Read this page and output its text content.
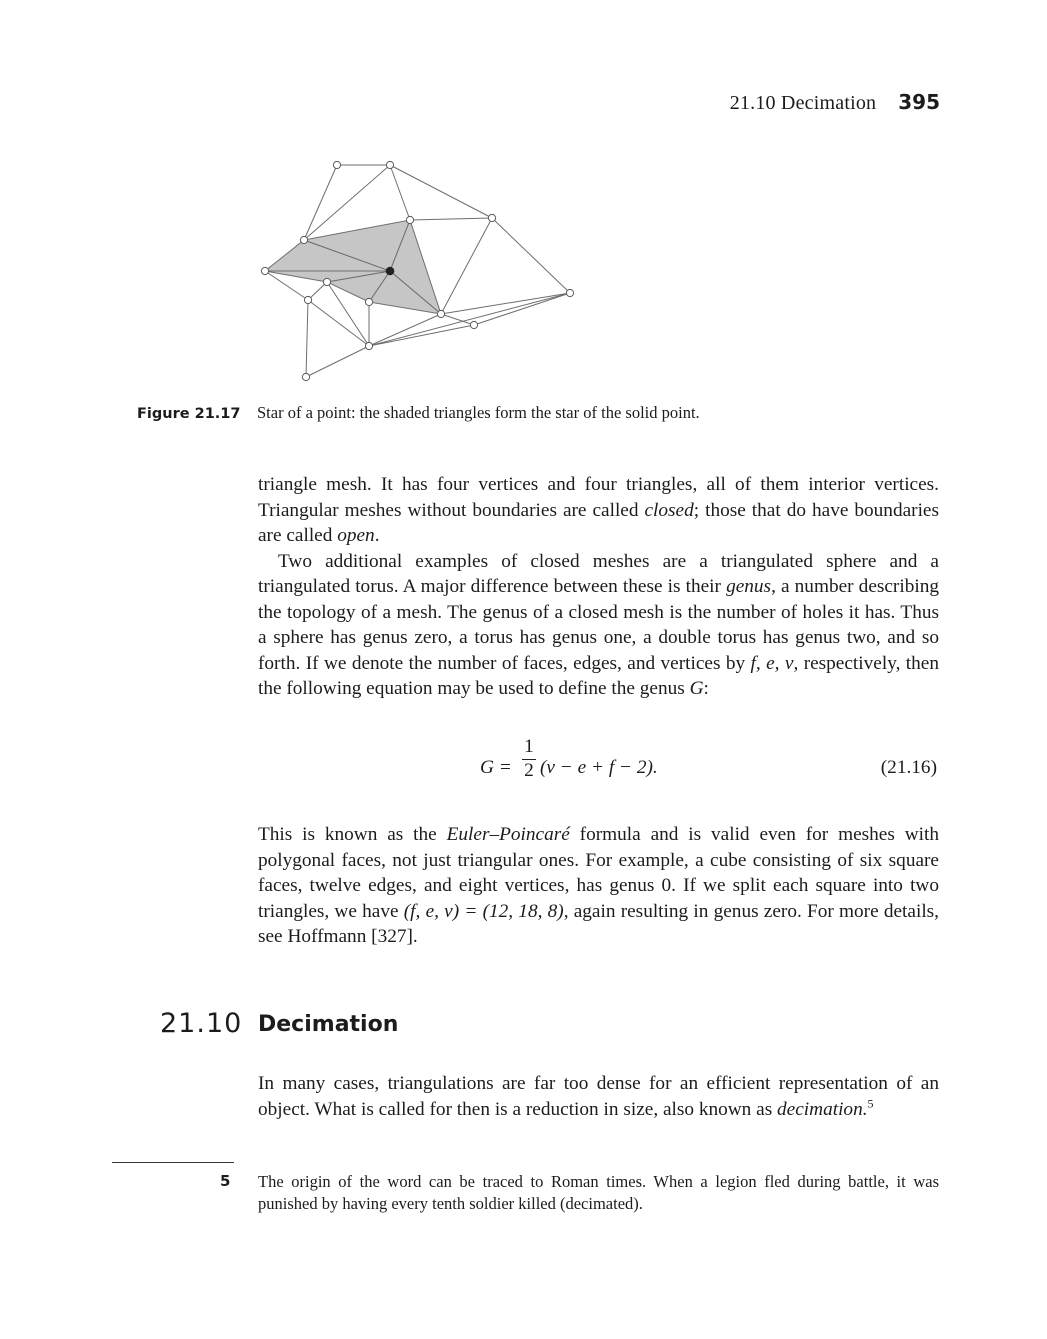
21.10 Decimation 395
Figure 21.17 Star of a point: the shaded triangles form the star of the solid point.

triangle mesh. It has four vertices and four triangles, all of them interior vertices. Triangular meshes without boundaries are called closed; those that do have boundaries are called open.

Two additional examples of closed meshes are a triangulated sphere and a triangulated torus. A major difference between these is their genus, a number describing the topology of a mesh. The genus of a closed mesh is the number of holes it has. Thus a sphere has genus zero, a torus has genus one, a double torus has genus two, and so forth. If we denote the number of faces, edges, and vertices by f, e, v, respectively, then the following equation may be used to define the genus G:

G =
1
2 (v − e + f − 2).	(21.16)

This is known as the Euler–Poincaré formula and is valid even for meshes with polygonal faces, not just triangular ones. For example, a cube consisting of six square faces, twelve edges, and eight vertices, has genus 0. If we split each square into two triangles, we have (f, e, v) = (12, 18, 8), again resulting in genus zero. For more details, see Hoffmann [327].

21.10 Decimation

In many cases, triangulations are far too dense for an efficient representation of an object. What is called for then is a reduction in size, also known as decimation.$^5$

5 The origin of the word can be traced to Roman times. When a legion fled during battle, it was punished by having every tenth soldier killed (decimated).
